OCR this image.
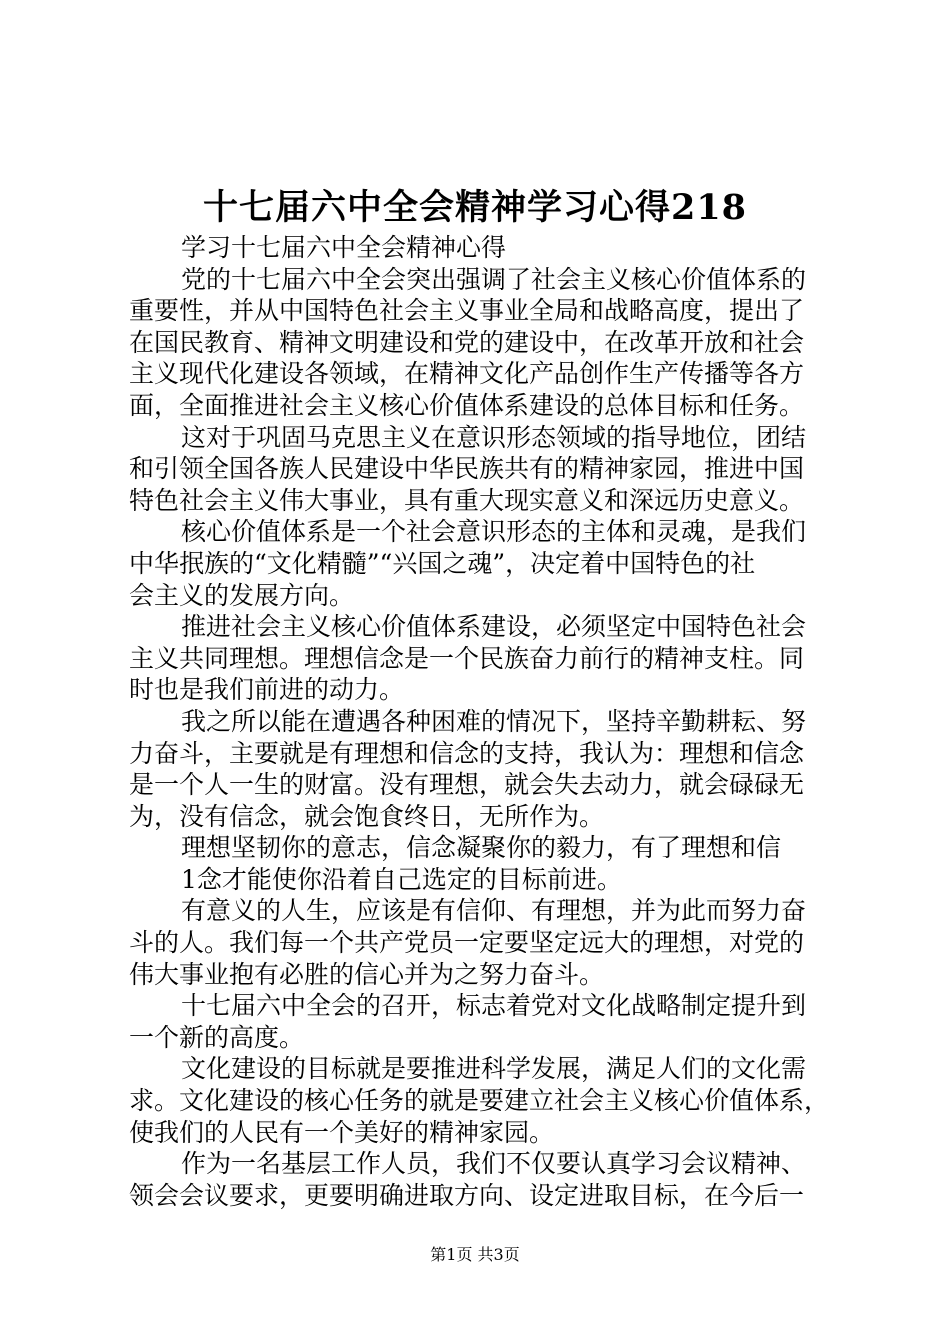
十七届六中全会精神学习心得218
学习十七届六中全会精神心得
党的十七届六中全会突出强调了社会主义核心价值体系的
重要性，并从中国特色社会主义事业全局和战略高度，提出了
在国民教育、精神文明建设和党的建设中，在改革开放和社会
主义现代化建设各领域，在精神文化产品创作生产传播等各方
面，全面推进社会主义核心价值体系建设的总体目标和任务。
这对于巩固马克思主义在意识形态领域的指导地位，团结
和引领全国各族人民建设中华民族共有的精神家园，推进中国
特色社会主义伟大事业，具有重大现实意义和深远历史意义。
核心价值体系是一个社会意识形态的主体和灵魂，是我们
中华抿族的“文化精髓”“兴国之魂”，决定着中国特色的社
会主义的发展方向。
推进社会主义核心价值体系建设，必须坚定中国特色社会
主义共同理想。理想信念是一个民族奋力前行的精神支柱。同
时也是我们前进的动力。
我之所以能在遭遇各种困难的情况下，坚持辛勤耕耘、努
力奋斗，主要就是有理想和信念的支持，我认为：理想和信念
是一个人一生的财富。没有理想，就会失去动力，就会碌碌无
为，没有信念，就会饱食终日，无所作为。
理想坚韧你的意志，信念凝聚你的毅力，有了理想和信
1念才能使你沿着自己选定的目标前进。
有意义的人生，应该是有信仰、有理想，并为此而努力奋
斗的人。我们每一个共产党员一定要坚定远大的理想，对党的
伟大事业抱有必胜的信心并为之努力奋斗。
十七届六中全会的召开，标志着党对文化战略制定提升到
一个新的高度。
文化建设的目标就是要推进科学发展，满足人们的文化需
求。文化建设的核心任务的就是要建立社会主义核心价值体系，
使我们的人民有一个美好的精神家园。
作为一名基层工作人员，我们不仅要认真学习会议精神、
领会会议要求，更要明确进取方向、设定进取目标，在今后一
第1页 共3页
